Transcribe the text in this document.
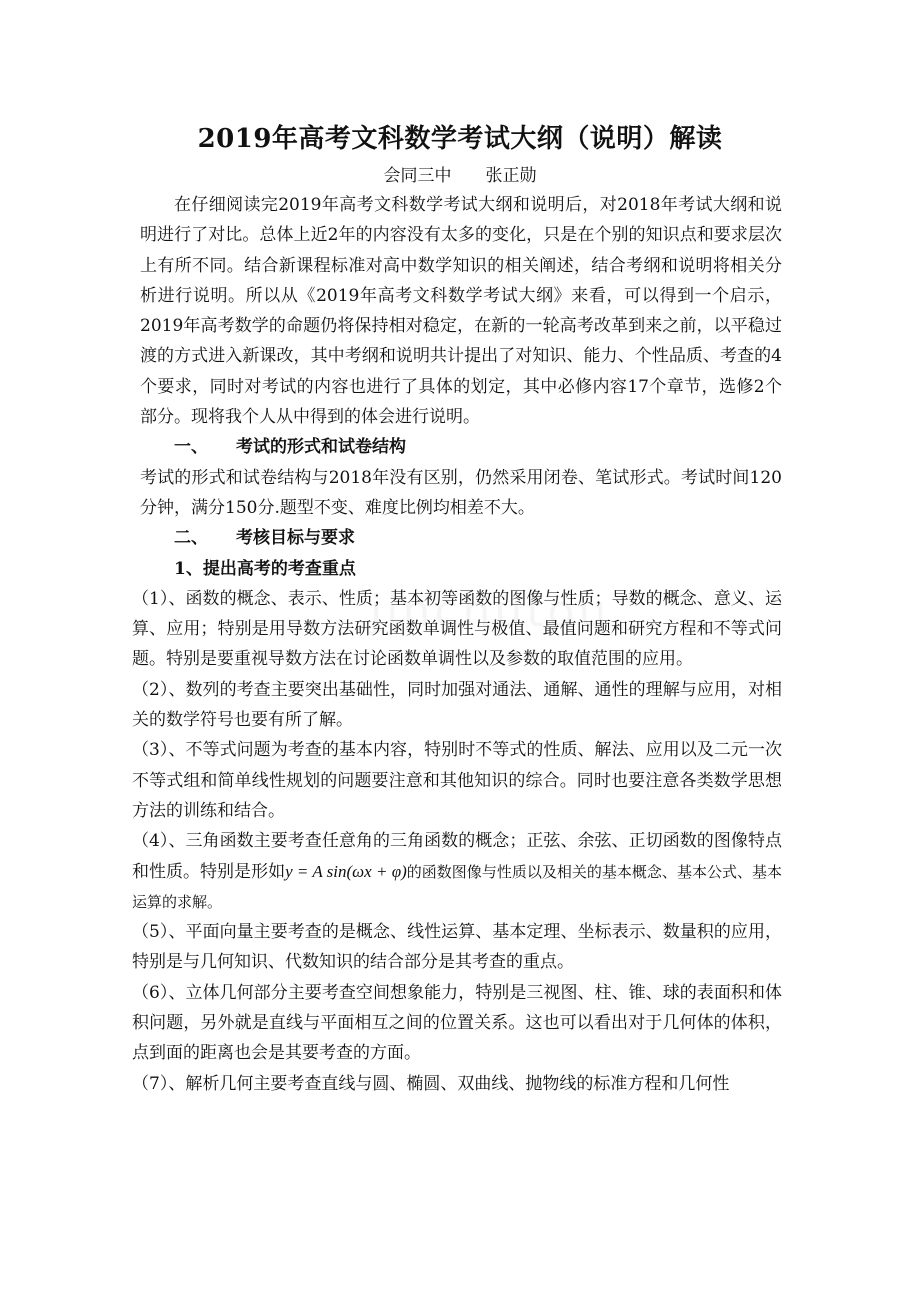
2019年高考文科数学考试大纲（说明）解读
会同三中 张正勋

在仔细阅读完2019年高考文科数学考试大纲和说明后，对2018年考试大纲和说明进行了对比。总体上近2年的内容没有太多的变化，只是在个别的知识点和要求层次上有所不同。结合新课程标准对高中数学知识的相关阐述，结合考纲和说明将相关分析进行说明。所以从《2019年高考文科数学考试大纲》来看，可以得到一个启示，2019年高考数学的命题仍将保持相对稳定，在新的一轮高考改革到来之前，以平稳过渡的方式进入新课改，其中考纲和说明共计提出了对知识、能力、个性品质、考查的4个要求，同时对考试的内容也进行了具体的划定，其中必修内容17个章节，选修2个部分。现将我个人从中得到的体会进行说明。

一、 考试的形式和试卷结构

考试的形式和试卷结构与2018年没有区别，仍然采用闭卷、笔试形式。考试时间120分钟，满分150分.题型不变、难度比例均相差不大。

二、 考核目标与要求

1、提出高考的考查重点

（1）、函数的概念、表示、性质；基本初等函数的图像与性质；导数的概念、意义、运算、应用；特别是用导数方法研究函数单调性与极值、最值问题和研究方程和不等式问题。特别是要重视导数方法在讨论函数单调性以及参数的取值范围的应用。

（2）、数列的考查主要突出基础性，同时加强对通法、通解、通性的理解与应用，对相关的数学符号也要有所了解。

（3）、不等式问题为考查的基本内容，特别时不等式的性质、解法、应用以及二元一次不等式组和简单线性规划的问题要注意和其他知识的综合。同时也要注意各类数学思想方法的训练和结合。

（4）、三角函数主要考查任意角的三角函数的概念；正弦、余弦、正切函数的图像特点和性质。特别是形如y = A sin(ωx + φ)的函数图像与性质以及相关的基本概念、基本公式、基本运算的求解。

（5）、平面向量主要考查的是概念、线性运算、基本定理、坐标表示、数量积的应用，特别是与几何知识、代数知识的结合部分是其考查的重点。

（6）、立体几何部分主要考查空间想象能力，特别是三视图、柱、锥、球的表面积和体积问题，另外就是直线与平面相互之间的位置关系。这也可以看出对于几何体的体积，点到面的距离也会是其要考查的方面。

（7）、解析几何主要考查直线与圆、椭圆、双曲线、抛物线的标准方程和几何性
